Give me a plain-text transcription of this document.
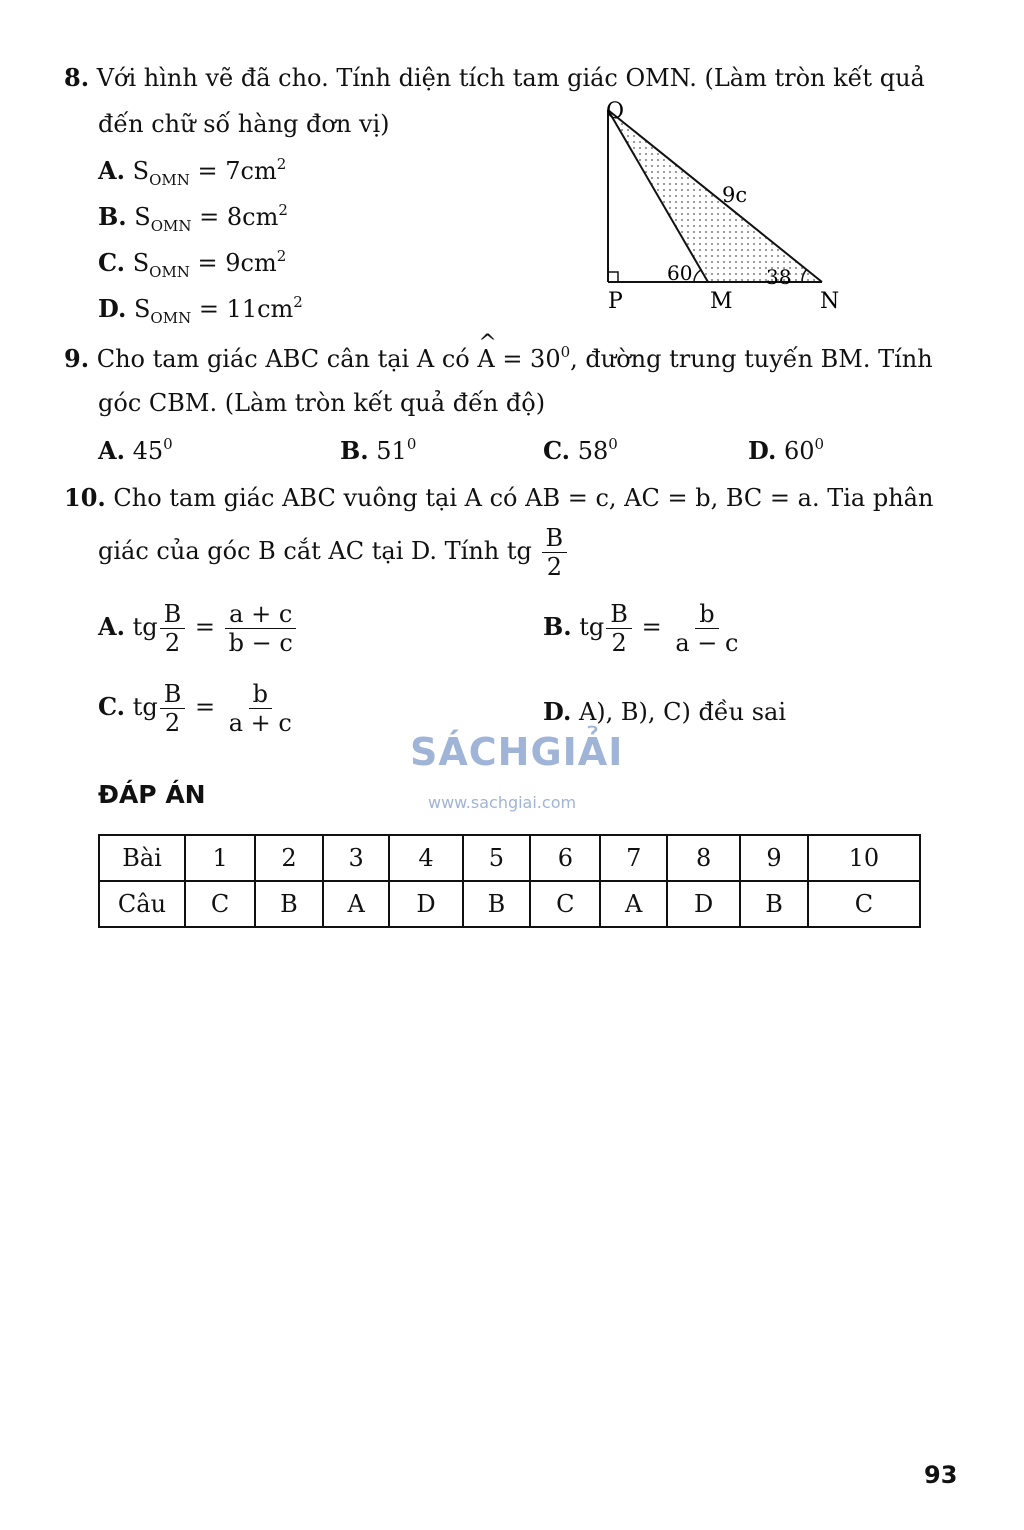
8. Với hình vẽ đã cho. Tính diện tích tam giác OMN. (Làm tròn kết quả
đến chữ số hàng đơn vị)
A. $S_{OMN} = 7cm^2$
B. $S_{OMN} = 8cm^2$
C. $S_{OMN} = 9cm^2$
D. $S_{OMN} = 11cm^2$
O
P	M	N
9c
60	38
9. Cho tam giác ABC cân tại A có ^ $A = 30^0$, đường trung tuyến BM. Tính
góc CBM. (Làm tròn kết quả đến độ)
A. $45^0$	B. $51^0$	C. $58^0$	D. $60^0$
10. Cho tam giác ABC vuông tại A có AB = c, AC = b, BC = a. Tia phân
giác của góc B cắt AC tại D. Tính tg $\frac{B}{2}$
A. tg $\frac{B}{2} = \frac{a + c}{b - c}$	B. tg $\frac{B}{2} = \frac{b}{a - c}$
C. tg $\frac{B}{2} = \frac{b}{a + c}$	D. A), B), C) đều sai
SÁCHGIẢI
www.sachgiai.com
ĐÁP ÁN
Bài	1	2	3	4	5	6	7	8	9	10
Câu	C	B	A	D	B	C	A	D	B	C
93
